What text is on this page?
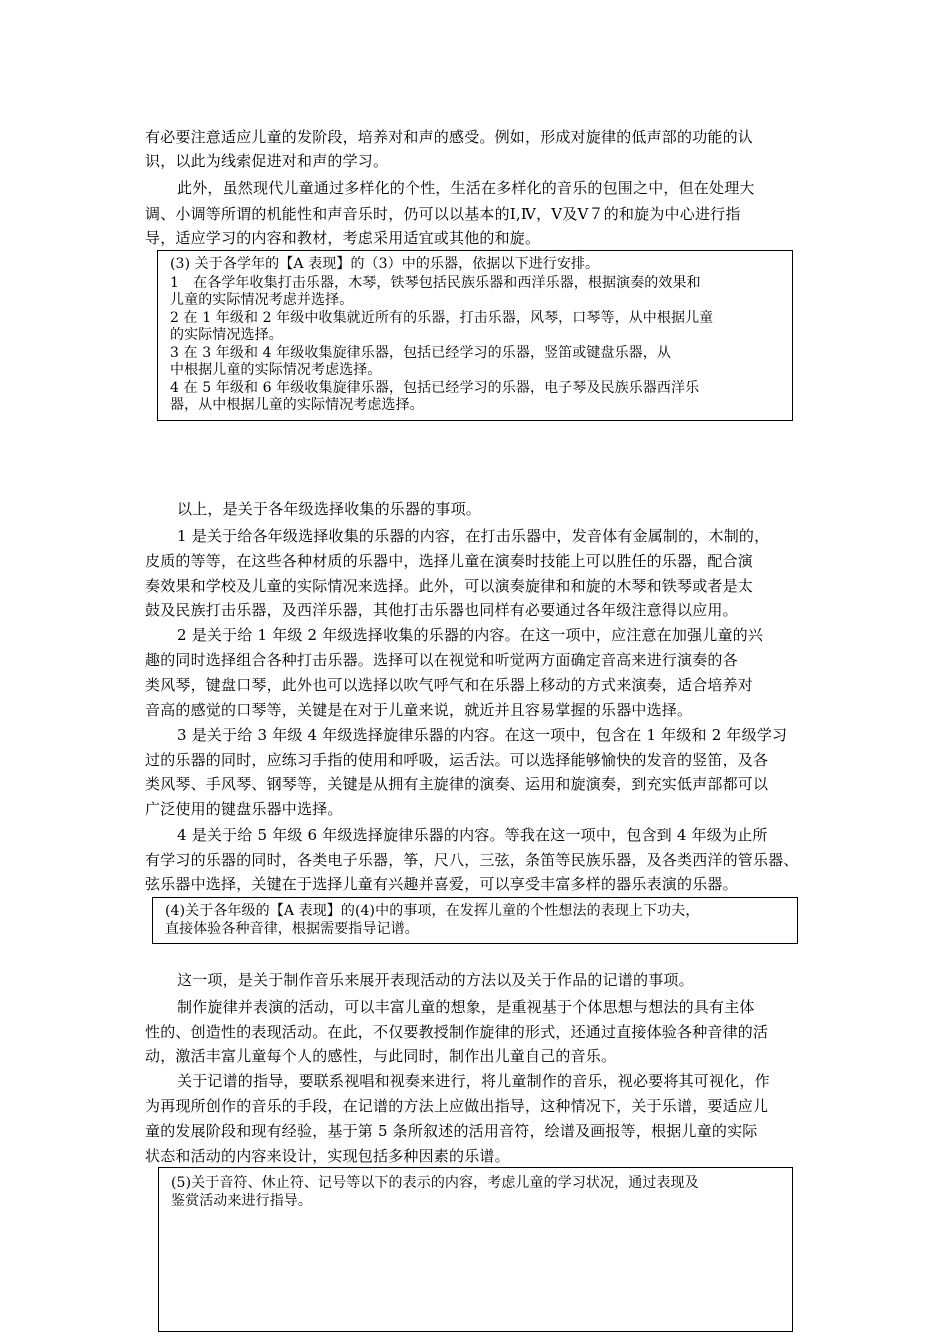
有必要注意适应儿童的发阶段，培养对和声的感受。例如，形成对旋律的低声部的功能的认
识，以此为线索促进对和声的学习。
此外，虽然现代儿童通过多样化的个性，生活在多样化的音乐的包围之中，但在处理大
调、小调等所谓的机能性和声音乐时，仍可以以基本的Ⅰ,Ⅳ，Ⅴ及Ⅴ７的和旋为中心进行指
导，适应学习的内容和教材，考虑采用适宜或其他的和旋。
(3) 关于各学年的【A 表现】的（3）中的乐器，依据以下进行安排。
1　在各学年收集打击乐器，木琴，铁琴包括民族乐器和西洋乐器，根据演奏的效果和
儿童的实际情况考虑并选择。
2 在 1 年级和 2 年级中收集就近所有的乐器，打击乐器，风琴，口琴等，从中根据儿童
的实际情况选择。
3 在 3 年级和 4 年级收集旋律乐器，包括已经学习的乐器，竖笛或键盘乐器，从
中根据儿童的实际情况考虑选择。
4 在 5 年级和 6 年级收集旋律乐器，包括已经学习的乐器，电子琴及民族乐器西洋乐
器，从中根据儿童的实际情况考虑选择。
以上，是关于各年级选择收集的乐器的事项。
1 是关于给各年级选择收集的乐器的内容，在打击乐器中，发音体有金属制的，木制的，
皮质的等等，在这些各种材质的乐器中，选择儿童在演奏时技能上可以胜任的乐器，配合演
奏效果和学校及儿童的实际情况来选择。此外，可以演奏旋律和和旋的木琴和铁琴或者是太
鼓及民族打击乐器，及西洋乐器，其他打击乐器也同样有必要通过各年级注意得以应用。
2 是关于给 1 年级 2 年级选择收集的乐器的内容。在这一项中，应注意在加强儿童的兴
趣的同时选择组合各种打击乐器。选择可以在视觉和听觉两方面确定音高来进行演奏的各
类风琴，键盘口琴，此外也可以选择以吹气呼气和在乐器上移动的方式来演奏，适合培养对
音高的感觉的口琴等，关键是在对于儿童来说，就近并且容易掌握的乐器中选择。
3 是关于给 3 年级 4 年级选择旋律乐器的内容。在这一项中，包含在 1 年级和 2 年级学习
过的乐器的同时，应练习手指的使用和呼吸，运舌法。可以选择能够愉快的发音的竖笛，及各
类风琴、手风琴、钢琴等，关键是从拥有主旋律的演奏、运用和旋演奏，到充实低声部都可以
广泛使用的键盘乐器中选择。
4 是关于给 5 年级 6 年级选择旋律乐器的内容。等我在这一项中，包含到 4 年级为止所
有学习的乐器的同时，各类电子乐器，筝，尺八，三弦，条笛等民族乐器，及各类西洋的管乐器、
弦乐器中选择，关键在于选择儿童有兴趣并喜爱，可以享受丰富多样的器乐表演的乐器。
(4)关于各年级的【A 表现】的(4)中的事项，在发挥儿童的个性想法的表现上下功夫，
直接体验各种音律，根据需要指导记谱。
这一项，是关于制作音乐来展开表现活动的方法以及关于作品的记谱的事项。
制作旋律并表演的活动，可以丰富儿童的想象，是重视基于个体思想与想法的具有主体
性的、创造性的表现活动。在此，不仅要教授制作旋律的形式，还通过直接体验各种音律的活
动，激活丰富儿童每个人的感性，与此同时，制作出儿童自己的音乐。
关于记谱的指导，要联系视唱和视奏来进行，将儿童制作的音乐，视必要将其可视化，作
为再现所创作的音乐的手段，在记谱的方法上应做出指导，这种情况下，关于乐谱，要适应儿
童的发展阶段和现有经验，基于第 5 条所叙述的活用音符，绘谱及画报等，根据儿童的实际
状态和活动的内容来设计，实现包括多种因素的乐谱。
(5)关于音符、休止符、记号等以下的表示的内容，考虑儿童的学习状况，通过表现及
鉴赏活动来进行指导。
